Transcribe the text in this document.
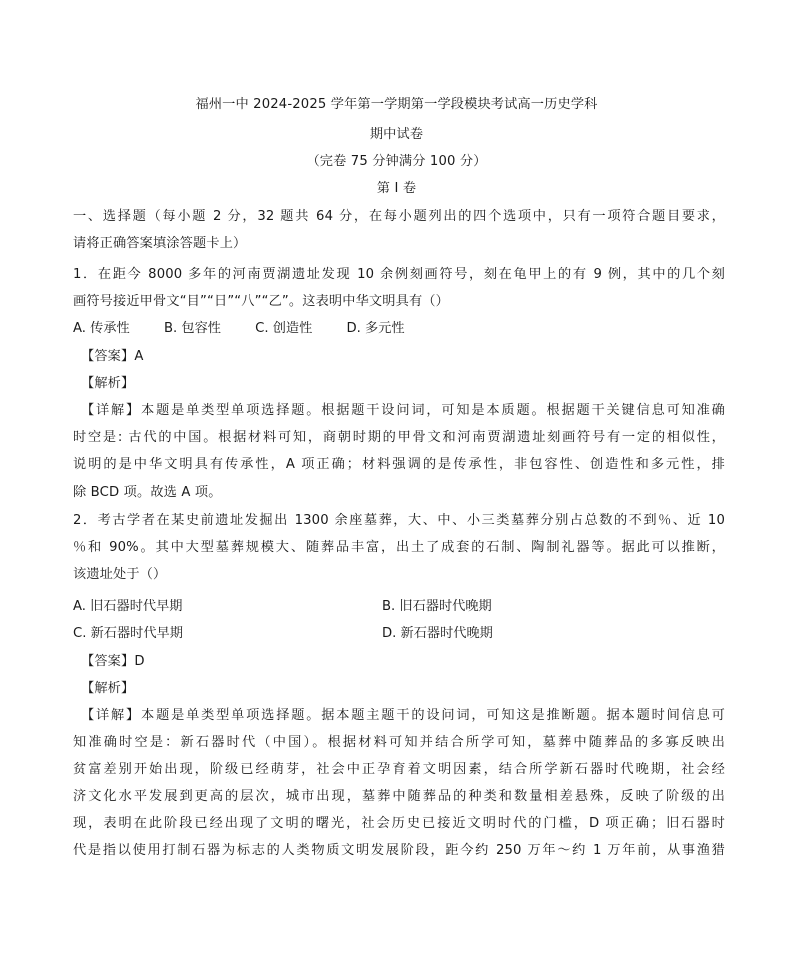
福州一中 2024-2025 学年第一学期第一学段模块考试高一历史学科
期中试卷
（完卷 75 分钟满分 100 分）
第 I 卷
一、选择题（每小题 2 分，32 题共 64 分，在每小题列出的四个选项中，只有一项符合题目要求，
请将正确答案填涂答题卡上）
1．在距今 8000 多年的河南贾湖遗址发现 10 余例刻画符号，刻在龟甲上的有 9 例，其中的几个刻
画符号接近甲骨文“目”“日”“八”“乙”。这表明中华文明具有（）
A. 传承性	B. 包容性	C. 创造性	D. 多元性
【答案】A
【解析】
【详解】本题是单类型单项选择题。根据题干设问词，可知是本质题。根据题干关键信息可知准确
时空是: 古代的中国。根据材料可知，商朝时期的甲骨文和河南贾湖遗址刻画符号有一定的相似性，
说明的是中华文明具有传承性，A 项正确；材料强调的是传承性，非包容性、创造性和多元性，排
除 BCD 项。故选 A 项。
2．考古学者在某史前遗址发掘出 1300 余座墓葬，大、中、小三类墓葬分别占总数的不到％、近 10
％和 90%。其中大型墓葬规模大、随葬品丰富，出土了成套的石制、陶制礼器等。据此可以推断，
该遗址处于（）
A. 旧石器时代早期	B. 旧石器时代晚期
C. 新石器时代早期	D. 新石器时代晚期
【答案】D
【解析】
【详解】本题是单类型单项选择题。据本题主题干的设问词，可知这是推断题。据本题时间信息可
知准确时空是：新石器时代（中国）。根据材料可知并结合所学可知，墓葬中随葬品的多寡反映出
贫富差别开始出现，阶级已经萌芽，社会中正孕育着文明因素，结合所学新石器时代晚期，社会经
济文化水平发展到更高的层次，城市出现，墓葬中随葬品的种类和数量相差悬殊，反映了阶级的出
现，表明在此阶段已经出现了文明的曙光，社会历史已接近文明时代的门槛，D 项正确；旧石器时
代是指以使用打制石器为标志的人类物质文明发展阶段，距今约 250 万年～约 1 万年前，从事渔猎
